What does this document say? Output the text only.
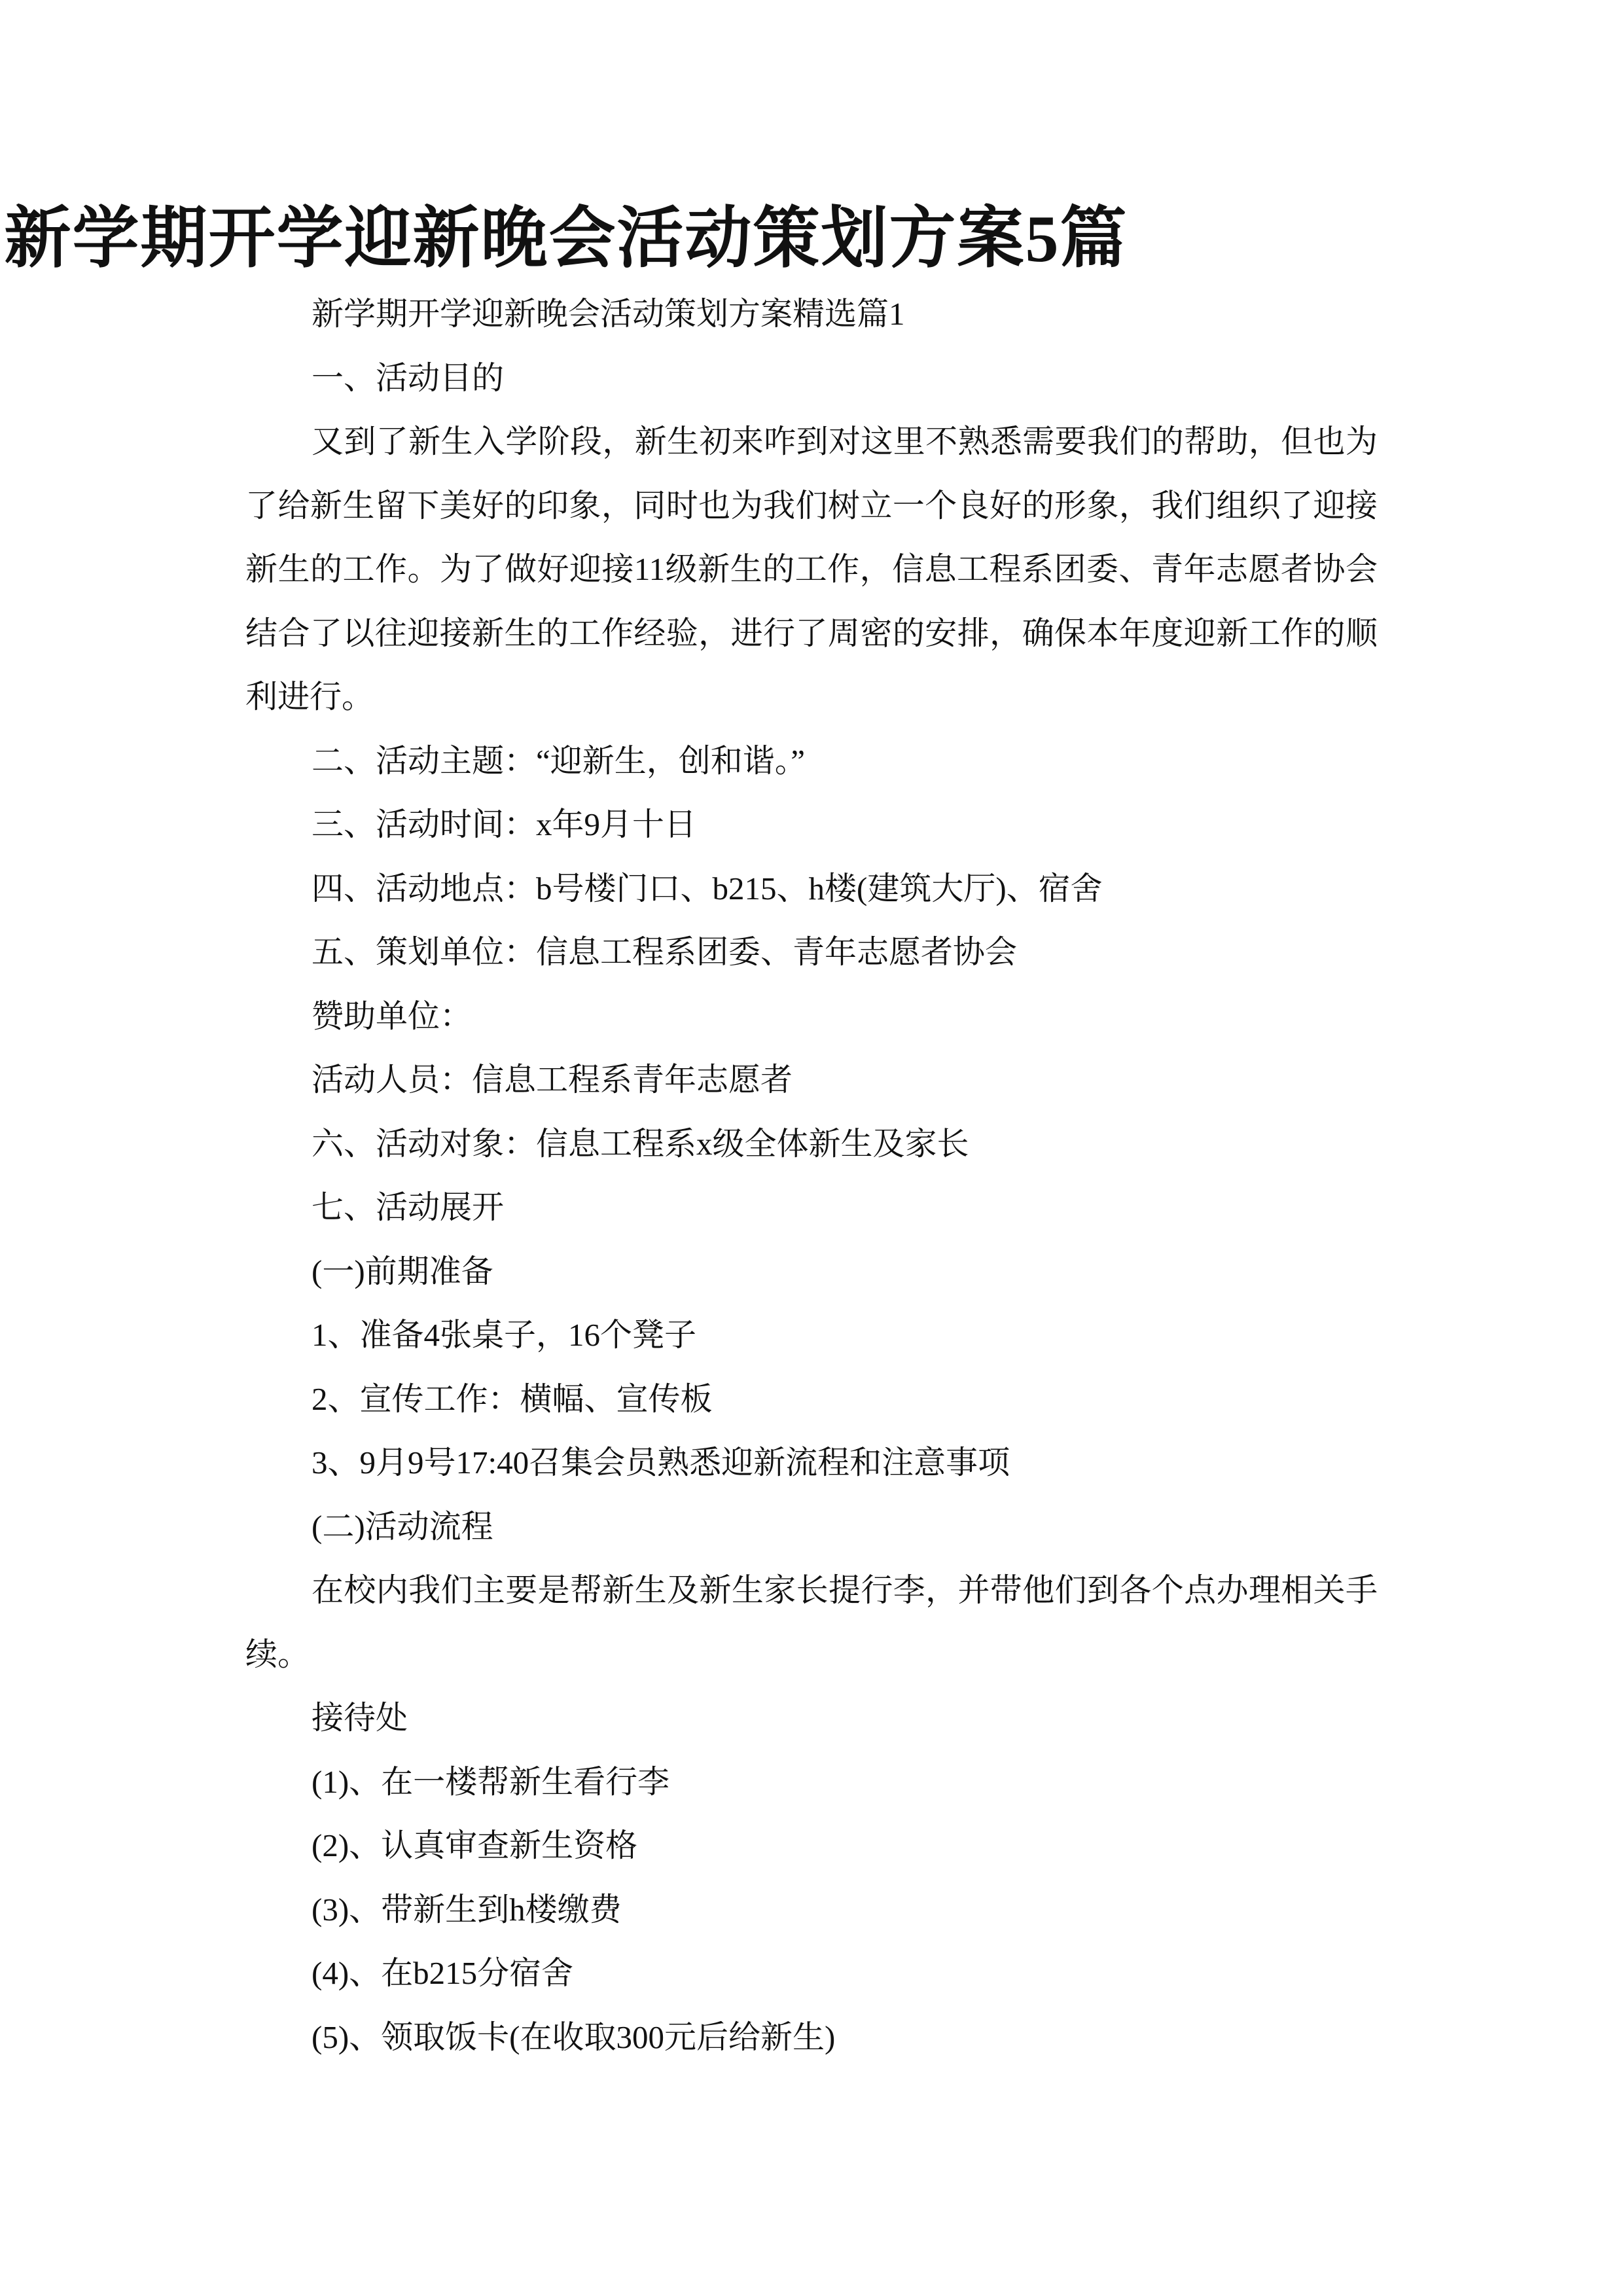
新学期开学迎新晚会活动策划方案5篇

新学期开学迎新晚会活动策划方案精选篇1

一、活动目的

又到了新生入学阶段，新生初来咋到对这里不熟悉需要我们的帮助，但也为了给新生留下美好的印象，同时也为我们树立一个良好的形象，我们组织了迎接新生的工作。为了做好迎接11级新生的工作，信息工程系团委、青年志愿者协会结合了以往迎接新生的工作经验，进行了周密的安排，确保本年度迎新工作的顺利进行。

二、活动主题：“迎新生，创和谐。”

三、活动时间：x年9月十日

四、活动地点：b号楼门口、b215、h楼(建筑大厅)、宿舍

五、策划单位：信息工程系团委、青年志愿者协会

赞助单位：

活动人员：信息工程系青年志愿者

六、活动对象：信息工程系x级全体新生及家长

七、活动展开

(一)前期准备

1、准备4张桌子，16个凳子

2、宣传工作：横幅、宣传板

3、9月9号17:40召集会员熟悉迎新流程和注意事项

(二)活动流程

在校内我们主要是帮新生及新生家长提行李，并带他们到各个点办理相关手续。

接待处

(1)、在一楼帮新生看行李

(2)、认真审查新生资格

(3)、带新生到h楼缴费

(4)、在b215分宿舍

(5)、领取饭卡(在收取300元后给新生)
